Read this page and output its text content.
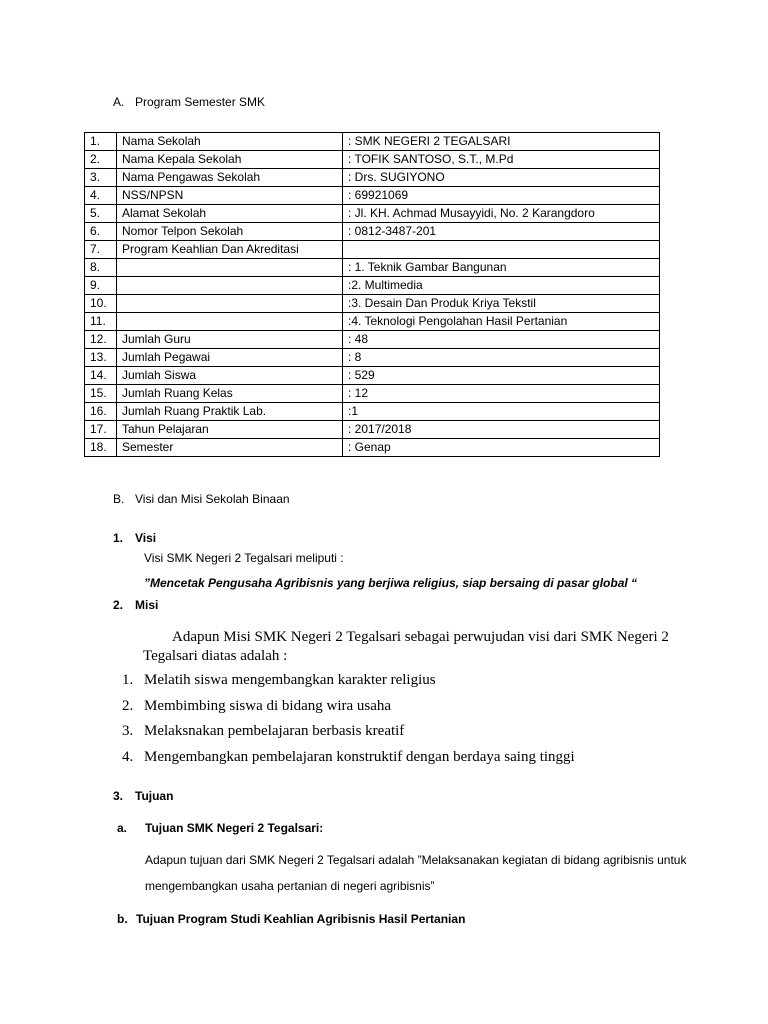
A. Program Semester SMK
1.	Nama Sekolah	: SMK NEGERI 2 TEGALSARI
2.	Nama Kepala Sekolah	: TOFIK SANTOSO, S.T., M.Pd
3.	Nama Pengawas Sekolah	: Drs. SUGIYONO
4.	NSS/NPSN	: 69921069
5.	Alamat Sekolah	: Jl. KH. Achmad Musayyidi, No. 2 Karangdoro
6.	Nomor Telpon Sekolah	: 0812-3487-201
7.	Program Keahlian Dan Akreditasi	
8.		: 1. Teknik Gambar Bangunan
9.		:2. Multimedia
10.		:3. Desain Dan Produk Kriya Tekstil
11.		:4. Teknologi Pengolahan Hasil Pertanian
12.	Jumlah Guru	: 48
13.	Jumlah Pegawai	: 8
14.	Jumlah Siswa	: 529
15.	Jumlah Ruang Kelas	: 12
16.	Jumlah Ruang Praktik Lab.	:1
17.	Tahun Pelajaran	: 2017/2018
18.	Semester	: Genap
B. Visi dan Misi Sekolah Binaan
1. Visi
Visi SMK Negeri 2 Tegalsari meliputi :
”Mencetak Pengusaha Agribisnis yang berjiwa religius, siap bersaing di pasar global “
2. Misi
Adapun Misi SMK Negeri 2 Tegalsari sebagai perwujudan visi dari SMK Negeri 2 Tegalsari diatas adalah :
1. Melatih siswa mengembangkan karakter religius
2. Membimbing siswa di bidang wira usaha
3. Melaksnakan pembelajaran berbasis kreatif
4. Mengembangkan pembelajaran konstruktif dengan berdaya saing tinggi
3. Tujuan
a. Tujuan SMK Negeri 2 Tegalsari:
Adapun tujuan dari SMK Negeri 2 Tegalsari adalah ”Melaksanakan kegiatan di bidang agribisnis untuk mengembangkan usaha pertanian di negeri agribisnis”
b. Tujuan Program Studi Keahlian Agribisnis Hasil Pertanian
